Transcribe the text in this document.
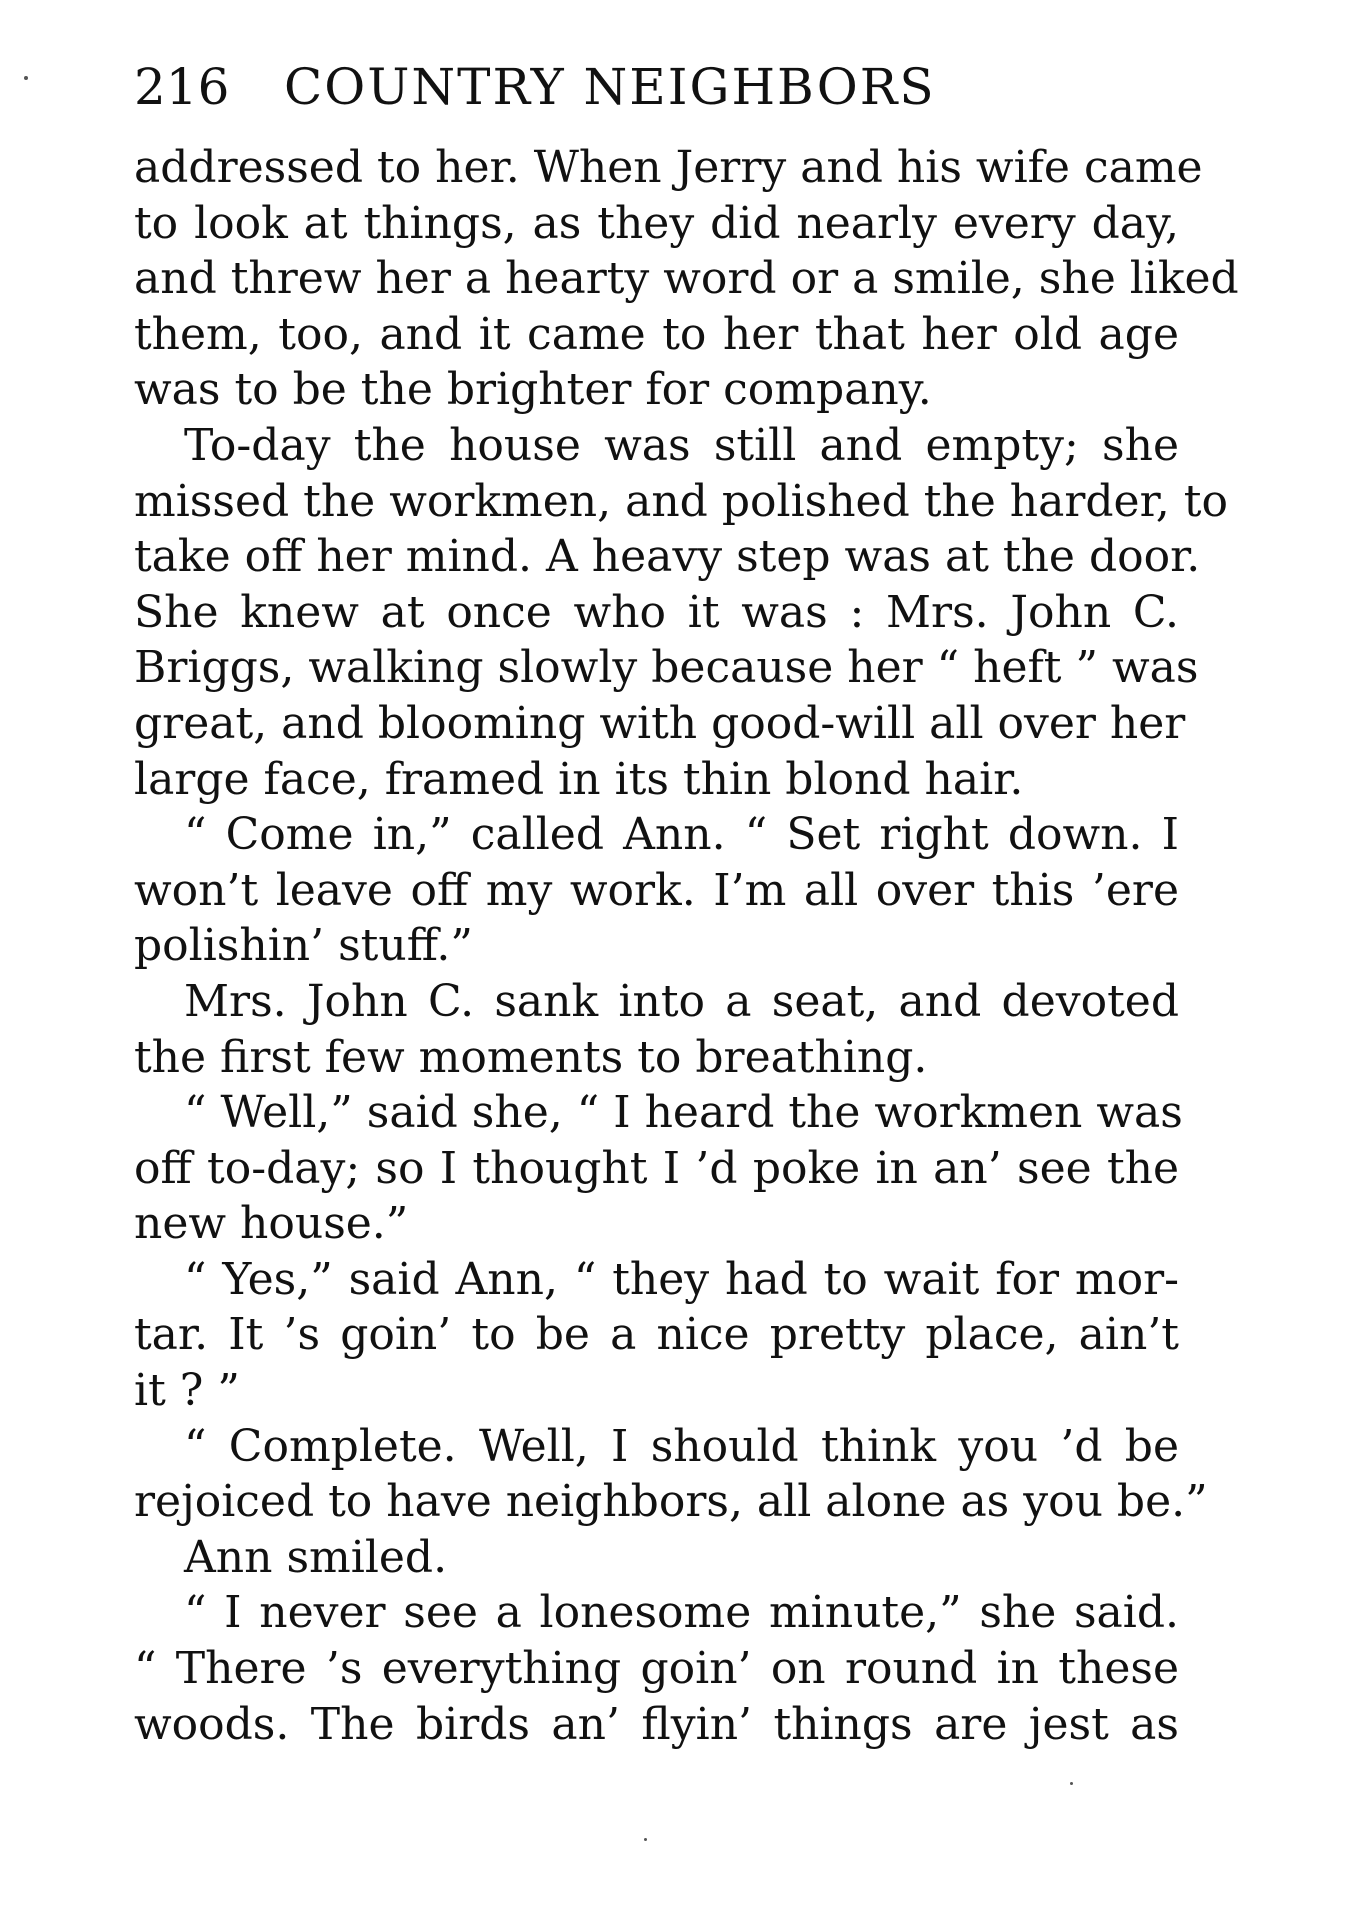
216 COUNTRY NEIGHBORS
addressed to her. When Jerry and his wife came
to look at things, as they did nearly every day,
and threw her a hearty word or a smile, she liked
them, too, and it came to her that her old age
was to be the brighter for company.
To-day the house was still and empty; she
missed the workmen, and polished the harder, to
take off her mind. A heavy step was at the door.
She knew at once who it was : Mrs. John C.
Briggs, walking slowly because her “ heft ” was
great, and blooming with good-will all over her
large face, framed in its thin blond hair.
“ Come in,” called Ann. “ Set right down. I
won’t leave off my work. I’m all over this ’ere
polishin’ stuff.”
Mrs. John C. sank into a seat, and devoted
the first few moments to breathing.
“ Well,” said she, “ I heard the workmen was
off to-day; so I thought I ’d poke in an’ see the
new house.”
“ Yes,” said Ann, “ they had to wait for mor-
tar. It ’s goin’ to be a nice pretty place, ain’t
it ? ”
“ Complete. Well, I should think you ’d be
rejoiced to have neighbors, all alone as you be.”
Ann smiled.
“ I never see a lonesome minute,” she said.
“ There ’s everything goin’ on round in these
woods. The birds an’ flyin’ things are jest as
